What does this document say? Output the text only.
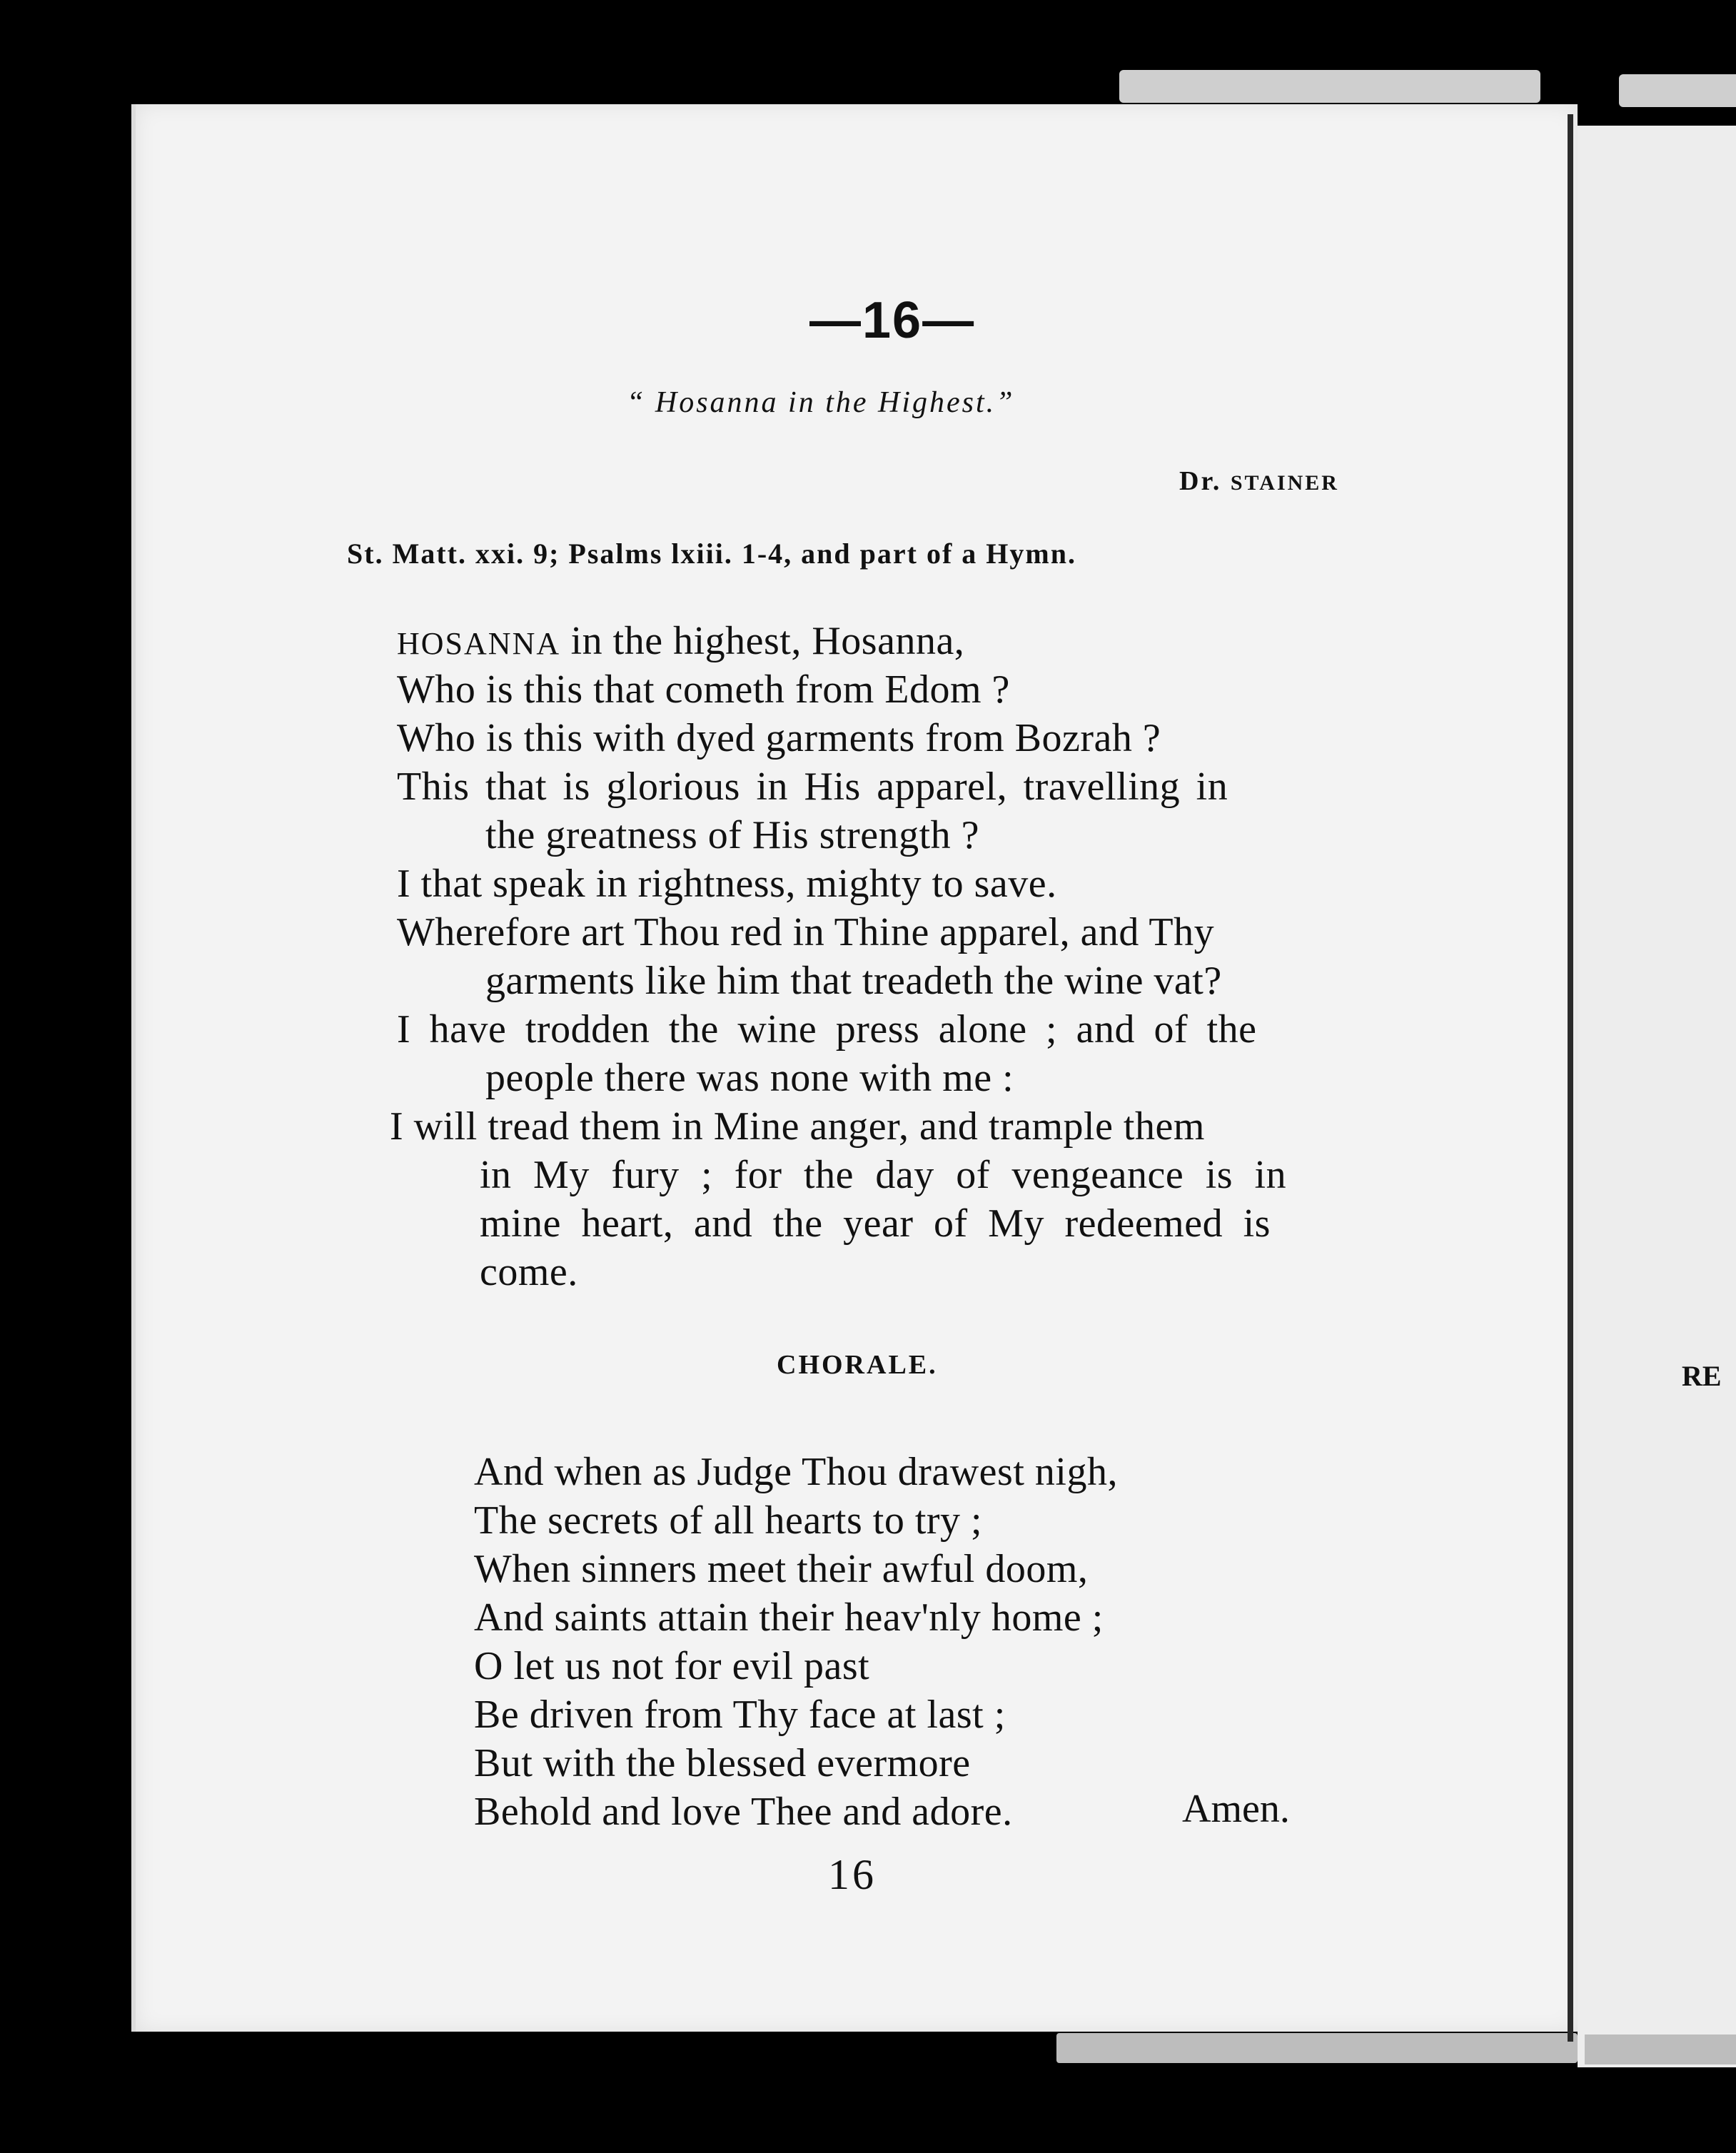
—16—
“ Hosanna in the Highest.”
Dr. STAINER
St. Matt. xxi. 9; Psalms lxiii. 1-4, and part of a Hymn.
HOSANNA in the highest, Hosanna,
Who is this that cometh from Edom ?
Who is this with dyed garments from Bozrah ?
This that is glorious in His apparel, travelling in
the greatness of His strength ?
I that speak in rightness, mighty to save.
Wherefore art Thou red in Thine apparel, and Thy
garments like him that treadeth the wine vat?
I have trodden the wine press alone ; and of the
people there was none with me :
I will tread them in Mine anger, and trample them
in My fury ; for the day of vengeance is in
mine heart, and the year of My redeemed is
come.
CHORALE.
And when as Judge Thou drawest nigh,
The secrets of all hearts to try ;
When sinners meet their awful doom,
And saints attain their heav'nly home ;
O let us not for evil past
Be driven from Thy face at last ;
But with the blessed evermore
Behold and love Thee and adore.	Amen.
16
RE
